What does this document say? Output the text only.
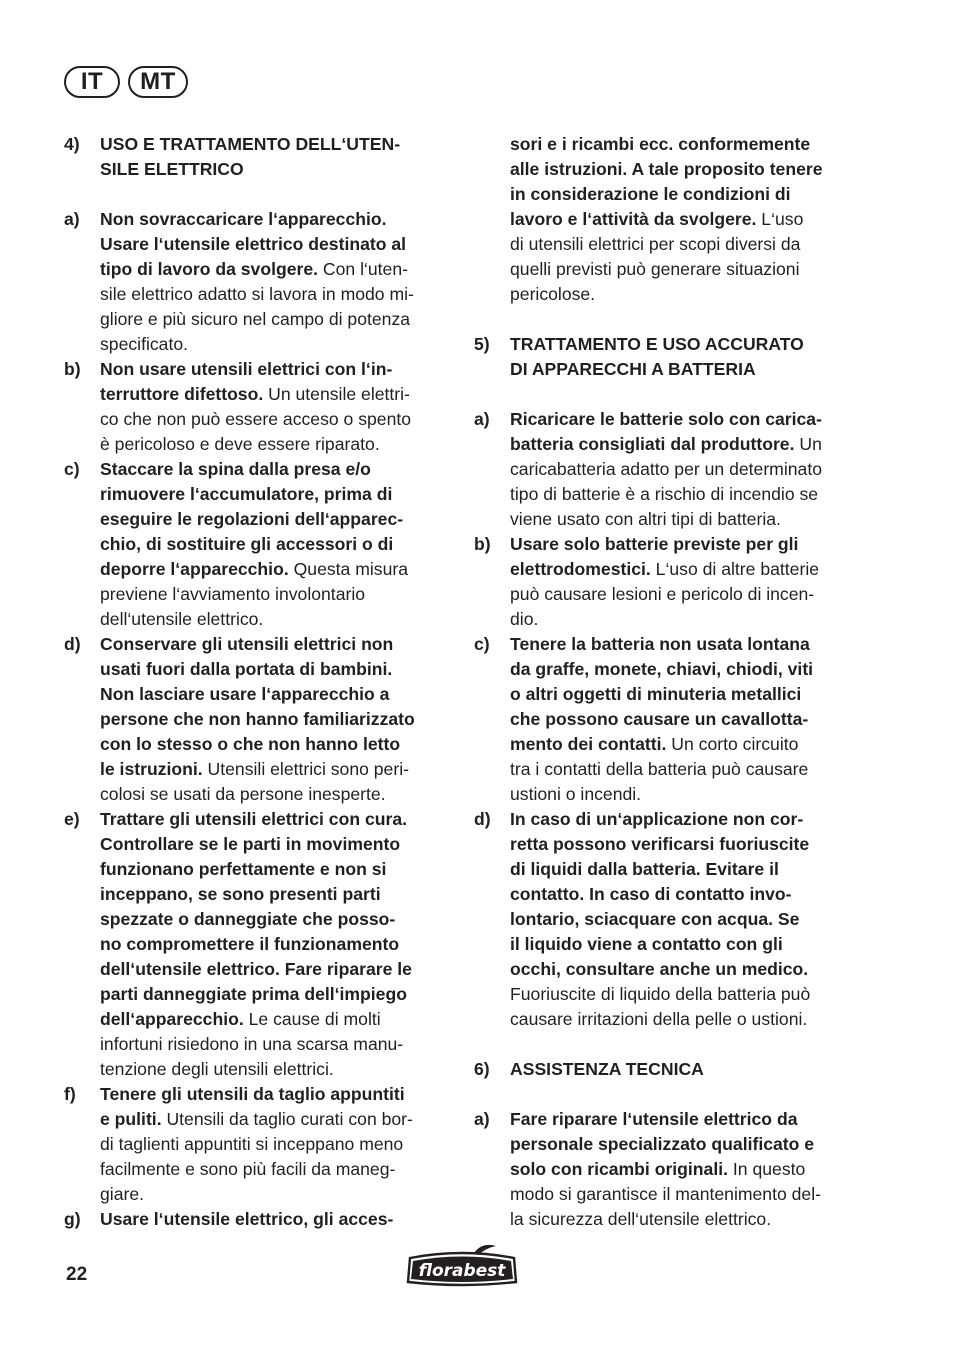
IT	MT
4)	USO E TRATTAMENTO DELL‘UTEN-
SILE ELETTRICO
a)	Non sovraccaricare l‘apparecchio.
Usare l‘utensile elettrico destinato al
tipo di lavoro da svolgere. Con l‘uten-
sile elettrico adatto si lavora in modo mi-
gliore e più sicuro nel campo di potenza
specificato.
b)	Non usare utensili elettrici con l‘in-
terruttore difettoso. Un utensile elettri-
co che non può essere acceso o spento
è pericoloso e deve essere riparato.
c)	Staccare la spina dalla presa e/o
rimuovere l‘accumulatore, prima di
eseguire le regolazioni dell‘apparec-
chio, di sostituire gli accessori o di
deporre l‘apparecchio. Questa misura
previene l‘avviamento involontario
dell‘utensile elettrico.
d)	Conservare gli utensili elettrici non
usati fuori dalla portata di bambini.
Non lasciare usare l‘apparecchio a
persone che non hanno familiarizzato
con lo stesso o che non hanno letto
le istruzioni. Utensili elettrici sono peri-
colosi se usati da persone inesperte.
e)	Trattare gli utensili elettrici con cura.
Controllare se le parti in movimento
funzionano perfettamente e non si
inceppano, se sono presenti parti
spezzate o danneggiate che posso-
no compromettere il funzionamento
dell‘utensile elettrico. Fare riparare le
parti danneggiate prima dell‘impiego
dell‘apparecchio. Le cause di molti
infortuni risiedono in una scarsa manu-
tenzione degli utensili elettrici.
f)	Tenere gli utensili da taglio appuntiti
e puliti. Utensili da taglio curati con bor-
di taglienti appuntiti si inceppano meno
facilmente e sono più facili da maneg-
giare.
g)	Usare l‘utensile elettrico, gli acces-
sori e i ricambi ecc. conformemente
alle istruzioni. A tale proposito tenere
in considerazione le condizioni di
lavoro e l‘attività da svolgere. L‘uso
di utensili elettrici per scopi diversi da
quelli previsti può generare situazioni
pericolose.
5)	TRATTAMENTO E USO ACCURATO
DI APPARECCHI A BATTERIA
a)	Ricaricare le batterie solo con carica-
batteria consigliati dal produttore. Un
caricabatteria adatto per un determinato
tipo di batterie è a rischio di incendio se
viene usato con altri tipi di batteria.
b)	Usare solo batterie previste per gli
elettrodomestici. L‘uso di altre batterie
può causare lesioni e pericolo di incen-
dio.
c)	Tenere la batteria non usata lontana
da graffe, monete, chiavi, chiodi, viti
o altri oggetti di minuteria metallici
che possono causare un cavallotta-
mento dei contatti. Un corto circuito
tra i contatti della batteria può causare
ustioni o incendi.
d)	In caso di un‘applicazione non cor-
retta possono verificarsi fuoriuscite
di liquidi dalla batteria. Evitare il
contatto. In caso di contatto invo-
lontario, sciacquare con acqua. Se
il liquido viene a contatto con gli
occhi, consultare anche un medico.
Fuoriuscite di liquido della batteria può
causare irritazioni della pelle o ustioni.
6)	ASSISTENZA TECNICA
a)	Fare riparare l‘utensile elettrico da
personale specializzato qualificato e
solo con ricambi originali. In questo
modo si garantisce il mantenimento del-
la sicurezza dell‘utensile elettrico.
22	florabest
